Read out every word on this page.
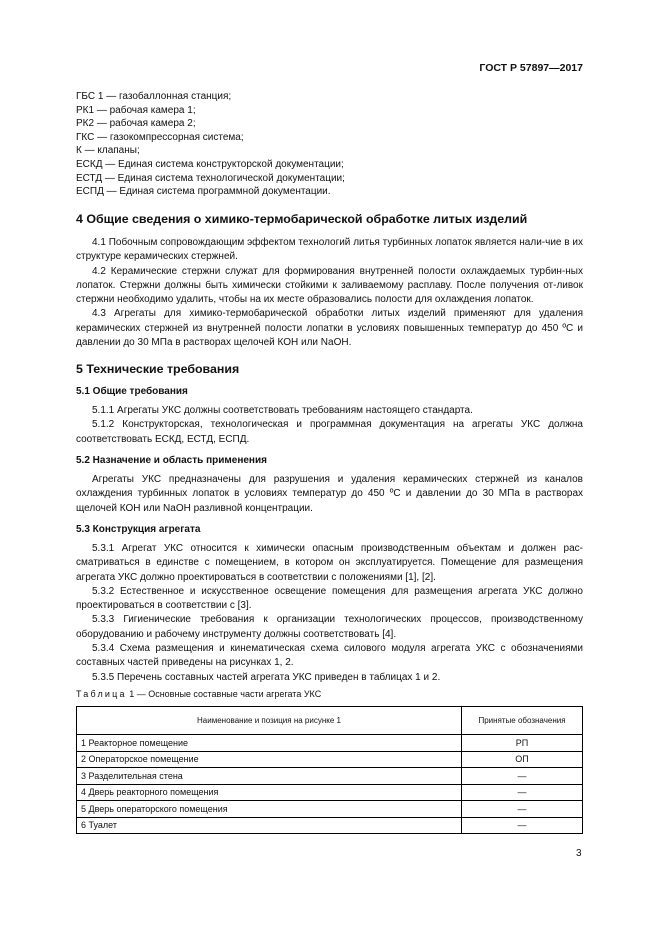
ГОСТ Р 57897—2017
ГБС 1 — газобаллонная станция;
РК1 — рабочая камера 1;
РК2 — рабочая камера 2;
ГКС — газокомпрессорная система;
К — клапаны;
ЕСКД — Единая система конструкторской документации;
ЕСТД — Единая система технологической документации;
ЕСПД — Единая система программной документации.
4 Общие сведения о химико-термобарической обработке литых изделий

4.1 Побочным сопровождающим эффектом технологий литья турбинных лопаток является нали-чие в их структуре керамических стержней.

4.2 Керамические стержни служат для формирования внутренней полости охлаждаемых турбин-ных лопаток. Стержни должны быть химически стойкими к заливаемому расплаву. После получения от-ливок стержни необходимо удалить, чтобы на их месте образовались полости для охлаждения лопаток.

4.3 Агрегаты для химико-термобарической обработки литых изделий применяют для удаления керамических стержней из внутренней полости лопатки в условиях повышенных температур до 450 ºC и давлении до 30 МПа в растворах щелочей КОН или NaOH.

5 Технические требования
5.1 Общие требования

5.1.1 Агрегаты УКС должны соответствовать требованиям настоящего стандарта.

5.1.2 Конструкторская, технологическая и программная документация на агрегаты УКС должна соответствовать ЕСКД, ЕСТД, ЕСПД.

5.2 Назначение и область применения

Агрегаты УКС предназначены для разрушения и удаления керамических стержней из каналов охлаждения турбинных лопаток в условиях температур до 450 ºC и давлении до 30 МПа в растворах щелочей КОН или NaOH разливной концентрации.

5.3 Конструкция агрегата

5.3.1 Агрегат УКС относится к химически опасным производственным объектам и должен рас-сматриваться в единстве с помещением, в котором он эксплуатируется. Помещение для размещения агрегата УКС должно проектироваться в соответствии с положениями [1], [2].

5.3.2 Естественное и искусственное освещение помещения для размещения агрегата УКС должно проектироваться в соответствии с [3].

5.3.3 Гигиенические требования к организации технологических процессов, производственному оборудованию и рабочему инструменту должны соответствовать [4].

5.3.4 Схема размещения и кинематическая схема силового модуля агрегата УКС с обозначениями составных частей приведены на рисунках 1, 2.

5.3.5 Перечень составных частей агрегата УКС приведен в таблицах 1 и 2.

Таблица 1 — Основные составные части агрегата УКС
Наименование и позиция на рисунке 1	Принятые обозначения
1 Реакторное помещение	РП
2 Операторское помещение	ОП
3 Разделительная стена	—
4 Дверь реакторного помещения	—
5 Дверь операторского помещения	—
6 Туалет	—
3
